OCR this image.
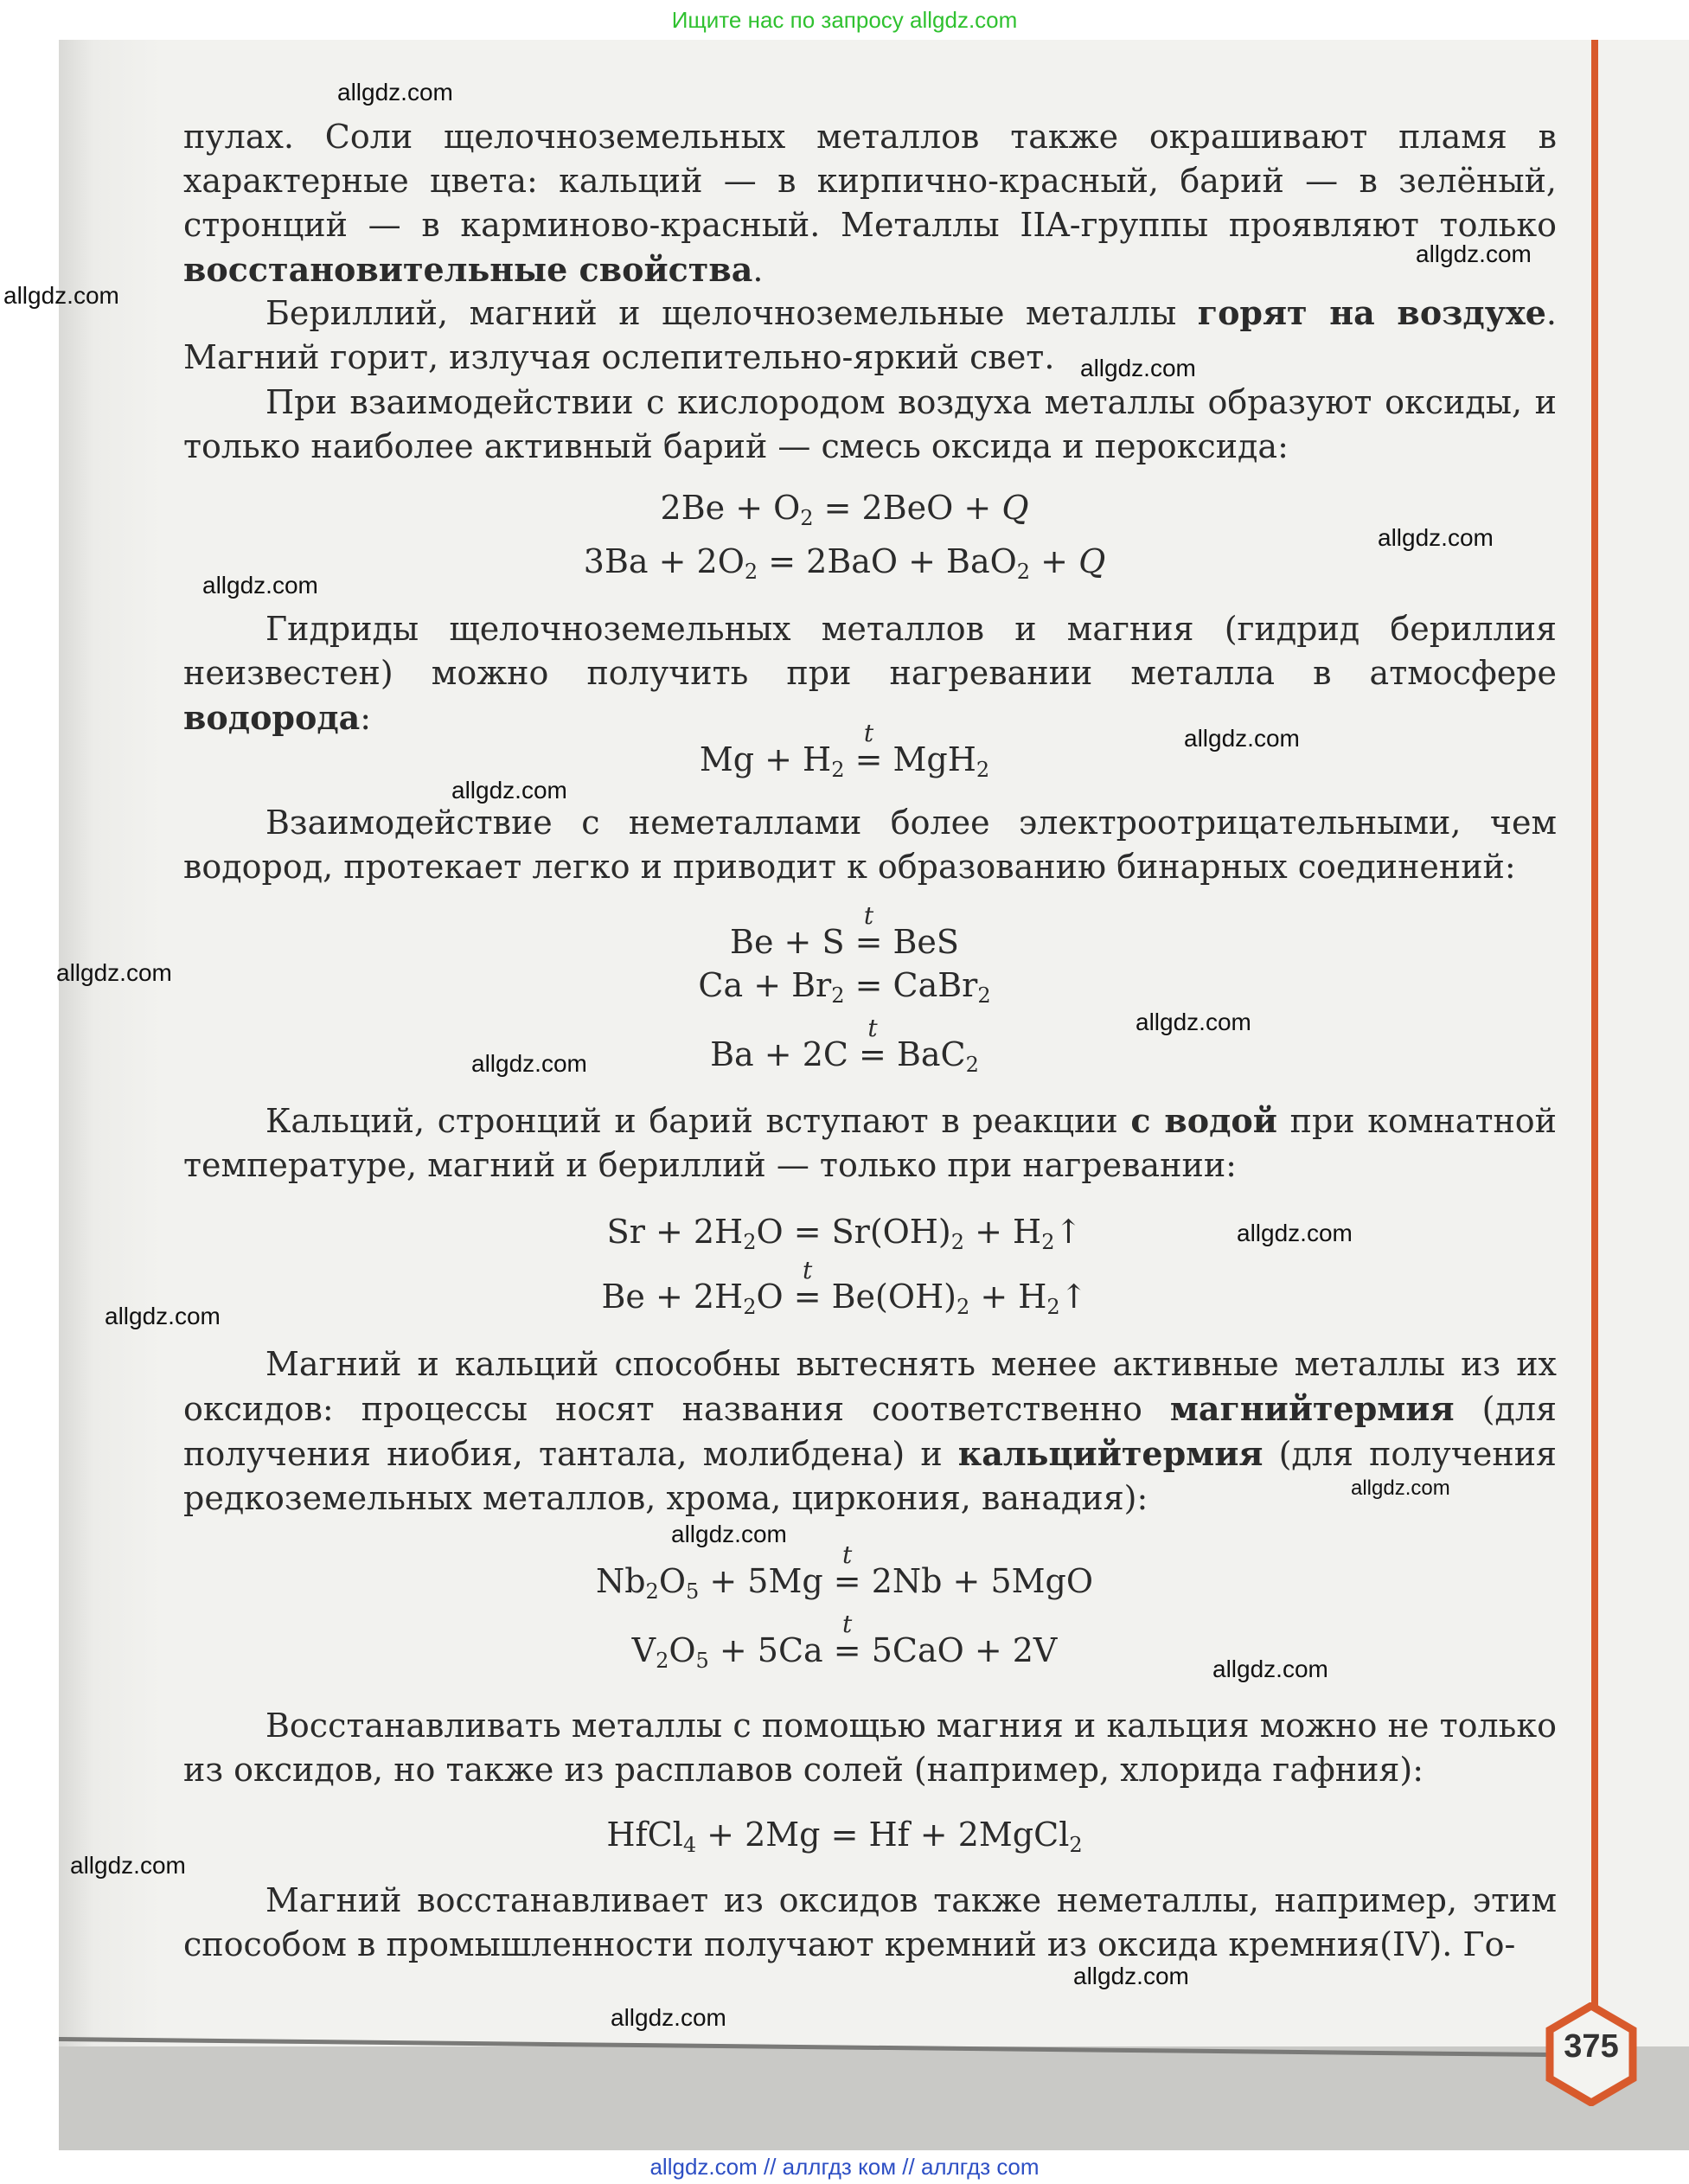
Ищите нас по запросу allgdz.com
375
пулах. Соли щелочноземельных металлов также окрашивают пламя в характерные цвета: кальций — в кирпично-красный, барий — в зелёный, стронций — в карминово-красный. Металлы IIA-группы проявляют только восстановительные свойства.
Бериллий, магний и щелочноземельные металлы горят на воздухе. Магний горит, излучая ослепительно-яркий свет.
При взаимодействии с кислородом воздуха металлы образуют оксиды, и только наиболее активный барий — смесь оксида и пероксида:
$2Be + O_2 = 2BeO + Q$
$3Ba + 2O_2 = 2BaO + BaO_2 + Q$
Гидриды щелочноземельных металлов и магния (гидрид бериллия неизвестен) можно получить при нагревании металла в атмосфере водорода:
$Mg + H_2$ t = MgH$_2$
Взаимодействие с неметаллами более электроотрицательными, чем водород, протекает легко и приводит к образованию бинарных соединений:
Be + S t = BeS
$Ca + Br_2$ = CaBr$_2$
Ba + 2C t = BaC$_2$
Кальций, стронций и барий вступают в реакции с водой при комнатной температуре, магний и бериллий — только при нагревании:
$Sr + 2H_2O = Sr(OH)_2$ + $H_2↑$
$Be + 2H_2O$ $t = Be(OH)_2$ + $H_2↑$
Магний и кальций способны вытеснять менее активные металлы из их оксидов: процессы носят названия соответственно магнийтермия (для получения ниобия, тантала, молибдена) и кальцийтермия (для получения редкоземельных металлов, хрома, циркония, ванадия):
$Nb_2O_5 + 5Mg$ t = 2Nb + 5MgO
$V_2O_5 + 5Ca$ t = 5CaO + 2V
Восстанавливать металлы с помощью магния и кальция можно не только из оксидов, но также из расплавов солей (например, хлорида гафния):
HfCl$_4$ + 2Mg = Hf + 2MgCl$_2$
Магний восстанавливает из оксидов также неметаллы, например, этим способом в промышленности получают кремний из оксида кремния(IV). Го-
allgdz.com
allgdz.com
allgdz.com
allgdz.com
allgdz.com
allgdz.com
allgdz.com
allgdz.com
allgdz.com
allgdz.com
allgdz.com
allgdz.com
allgdz.com
allgdz.com
allgdz.com
allgdz.com
allgdz.com
allgdz.com
allgdz.com
allgdz.com // аллгдз ком // аллгдз com
